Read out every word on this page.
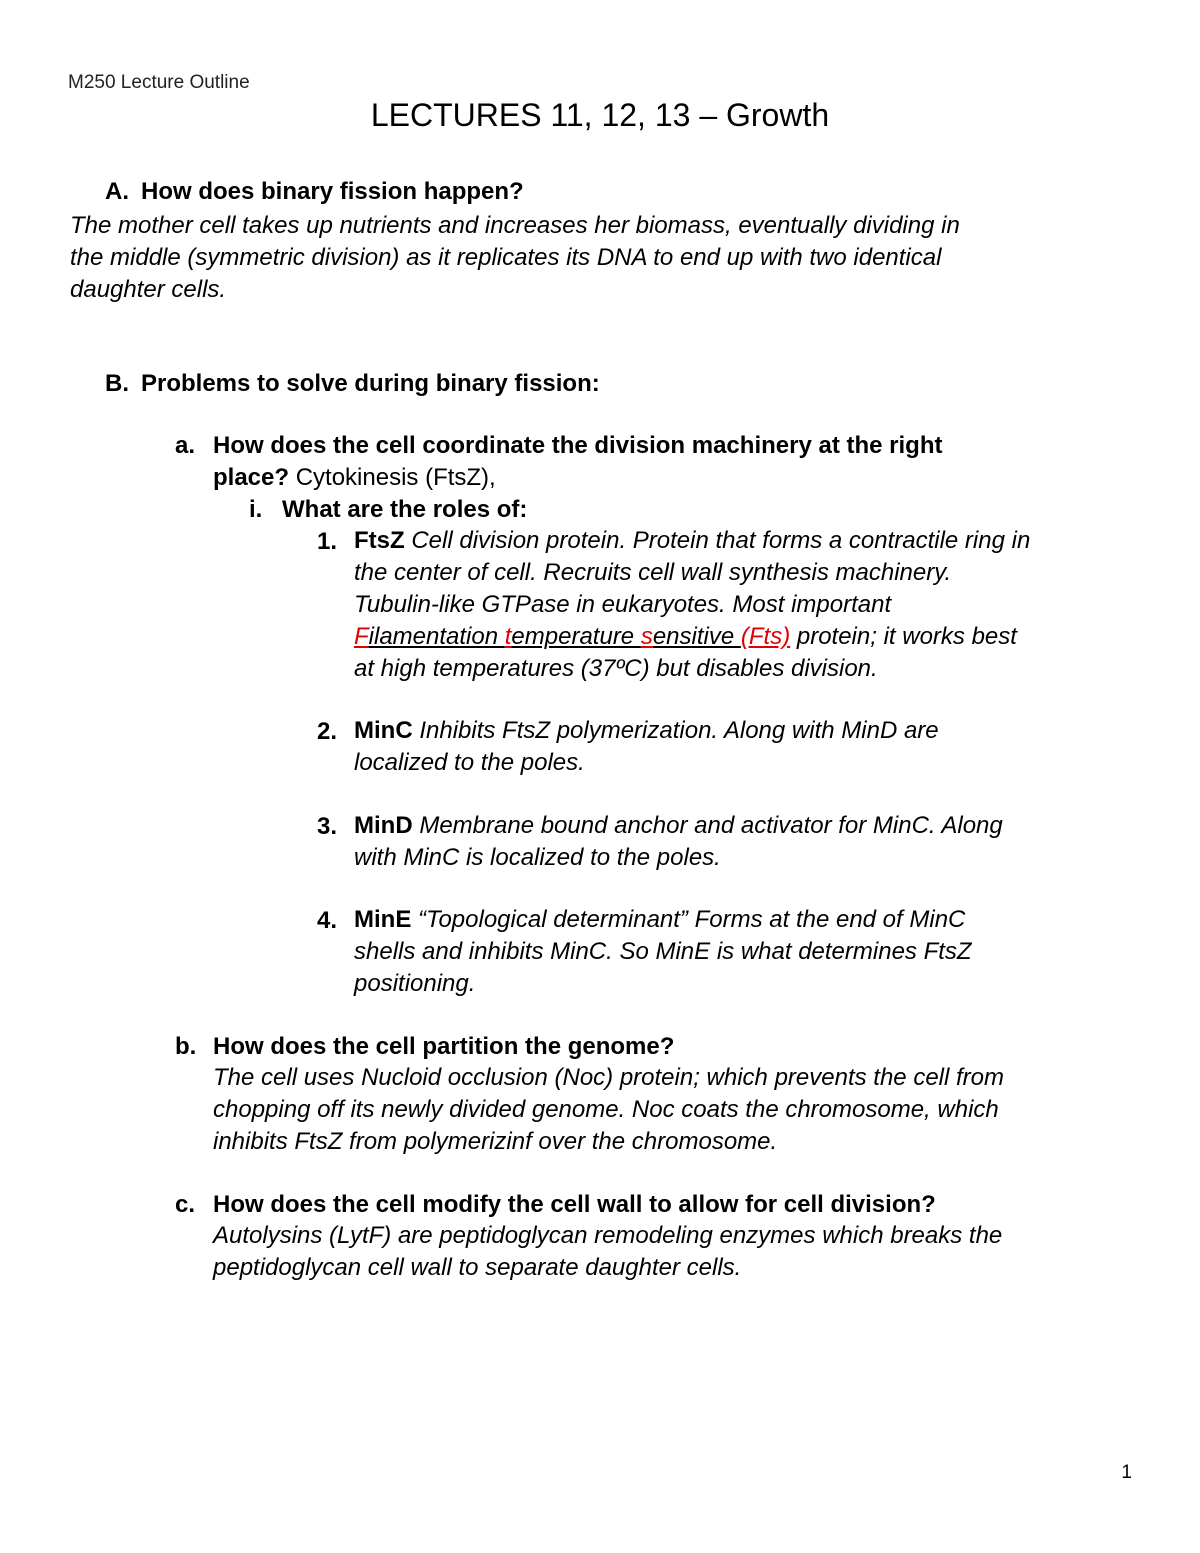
M250 Lecture Outline
LECTURES 11, 12, 13 – Growth
A. How does binary fission happen?
The mother cell takes up nutrients and increases her biomass, eventually dividing in
the middle (symmetric division) as it replicates its DNA to end up with two identical
daughter cells.
B. Problems to solve during binary fission:
a. How does the cell coordinate the division machinery at the right
place? Cytokinesis (FtsZ),
i. What are the roles of:
1. FtsZ Cell division protein. Protein that forms a contractile ring in
the center of cell. Recruits cell wall synthesis machinery.
Tubulin-like GTPase in eukaryotes. Most important
Filamentation temperature sensitive (Fts) protein; it works best
at high temperatures (37ºC) but disables division.
2. MinC Inhibits FtsZ polymerization. Along with MinD are
localized to the poles.
3. MinD Membrane bound anchor and activator for MinC. Along
with MinC is localized to the poles.
4. MinE “Topological determinant” Forms at the end of MinC
shells and inhibits MinC. So MinE is what determines FtsZ
positioning.
b. How does the cell partition the genome?
The cell uses Nucloid occlusion (Noc) protein; which prevents the cell from
chopping off its newly divided genome. Noc coats the chromosome, which
inhibits FtsZ from polymerizinf over the chromosome.
c. How does the cell modify the cell wall to allow for cell division?
Autolysins (LytF) are peptidoglycan remodeling enzymes which breaks the
peptidoglycan cell wall to separate daughter cells.
1
